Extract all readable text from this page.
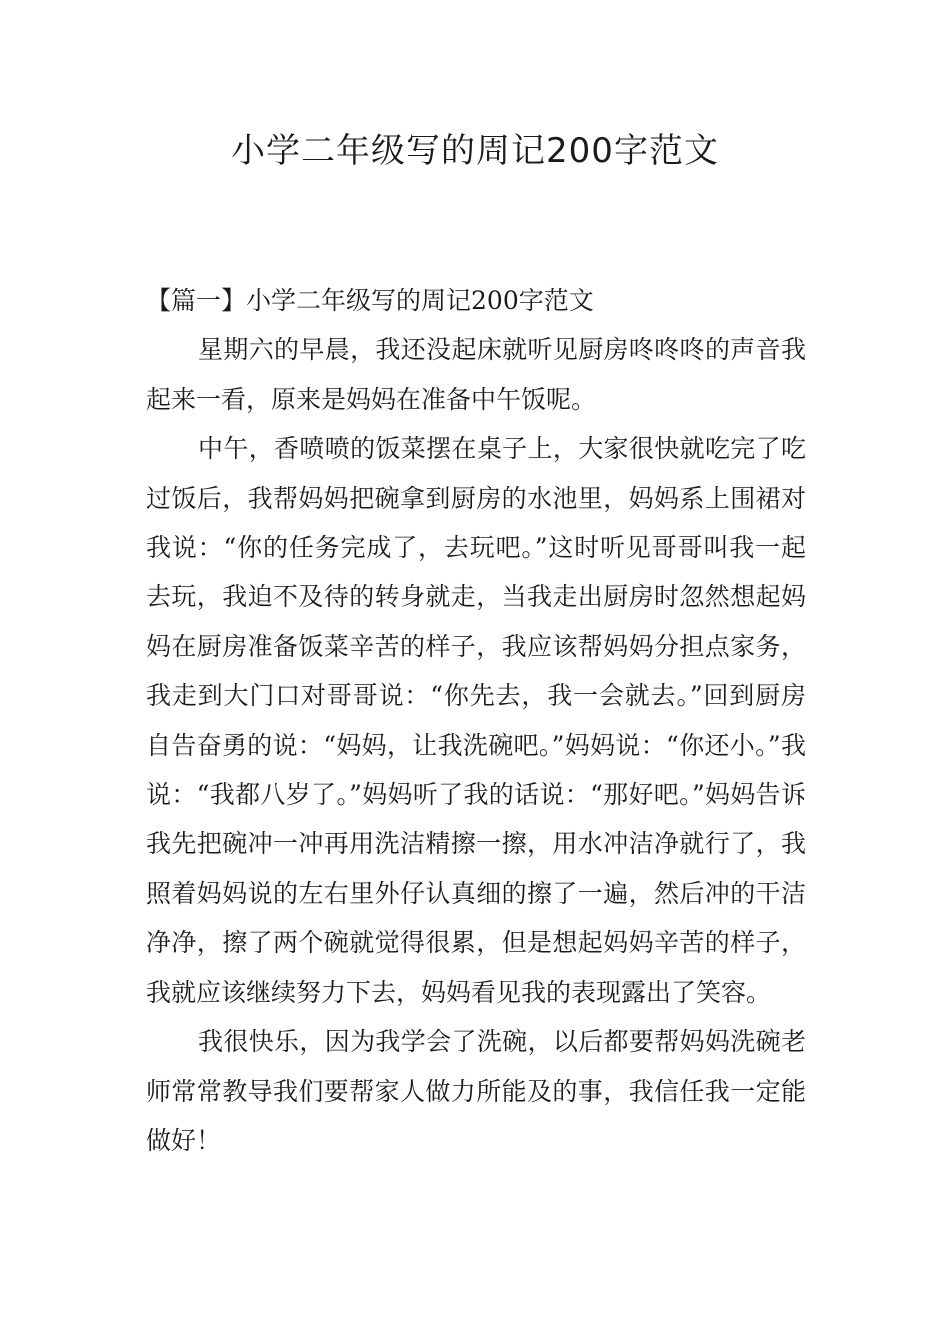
小学二年级写的周记200字范文

【篇一】小学二年级写的周记200字范文

星期六的早晨，我还没起床就听见厨房咚咚咚的声音我起来一看，原来是妈妈在准备中午饭呢。

中午，香喷喷的饭菜摆在桌子上，大家很快就吃完了吃过饭后，我帮妈妈把碗拿到厨房的水池里，妈妈系上围裙对我说：“你的任务完成了，去玩吧。”这时听见哥哥叫我一起去玩，我迫不及待的转身就走，当我走出厨房时忽然想起妈妈在厨房准备饭菜辛苦的样子，我应该帮妈妈分担点家务，我走到大门口对哥哥说：“你先去，我一会就去。”回到厨房自告奋勇的说：“妈妈，让我洗碗吧。”妈妈说：“你还小。”我说：“我都八岁了。”妈妈听了我的话说：“那好吧。”妈妈告诉我先把碗冲一冲再用洗洁精擦一擦，用水冲洁净就行了，我照着妈妈说的左右里外仔认真细的擦了一遍，然后冲的干洁净净，擦了两个碗就觉得很累，但是想起妈妈辛苦的样子，我就应该继续努力下去，妈妈看见我的表现露出了笑容。

我很快乐，因为我学会了洗碗，以后都要帮妈妈洗碗老师常常教导我们要帮家人做力所能及的事，我信任我一定能做好！
